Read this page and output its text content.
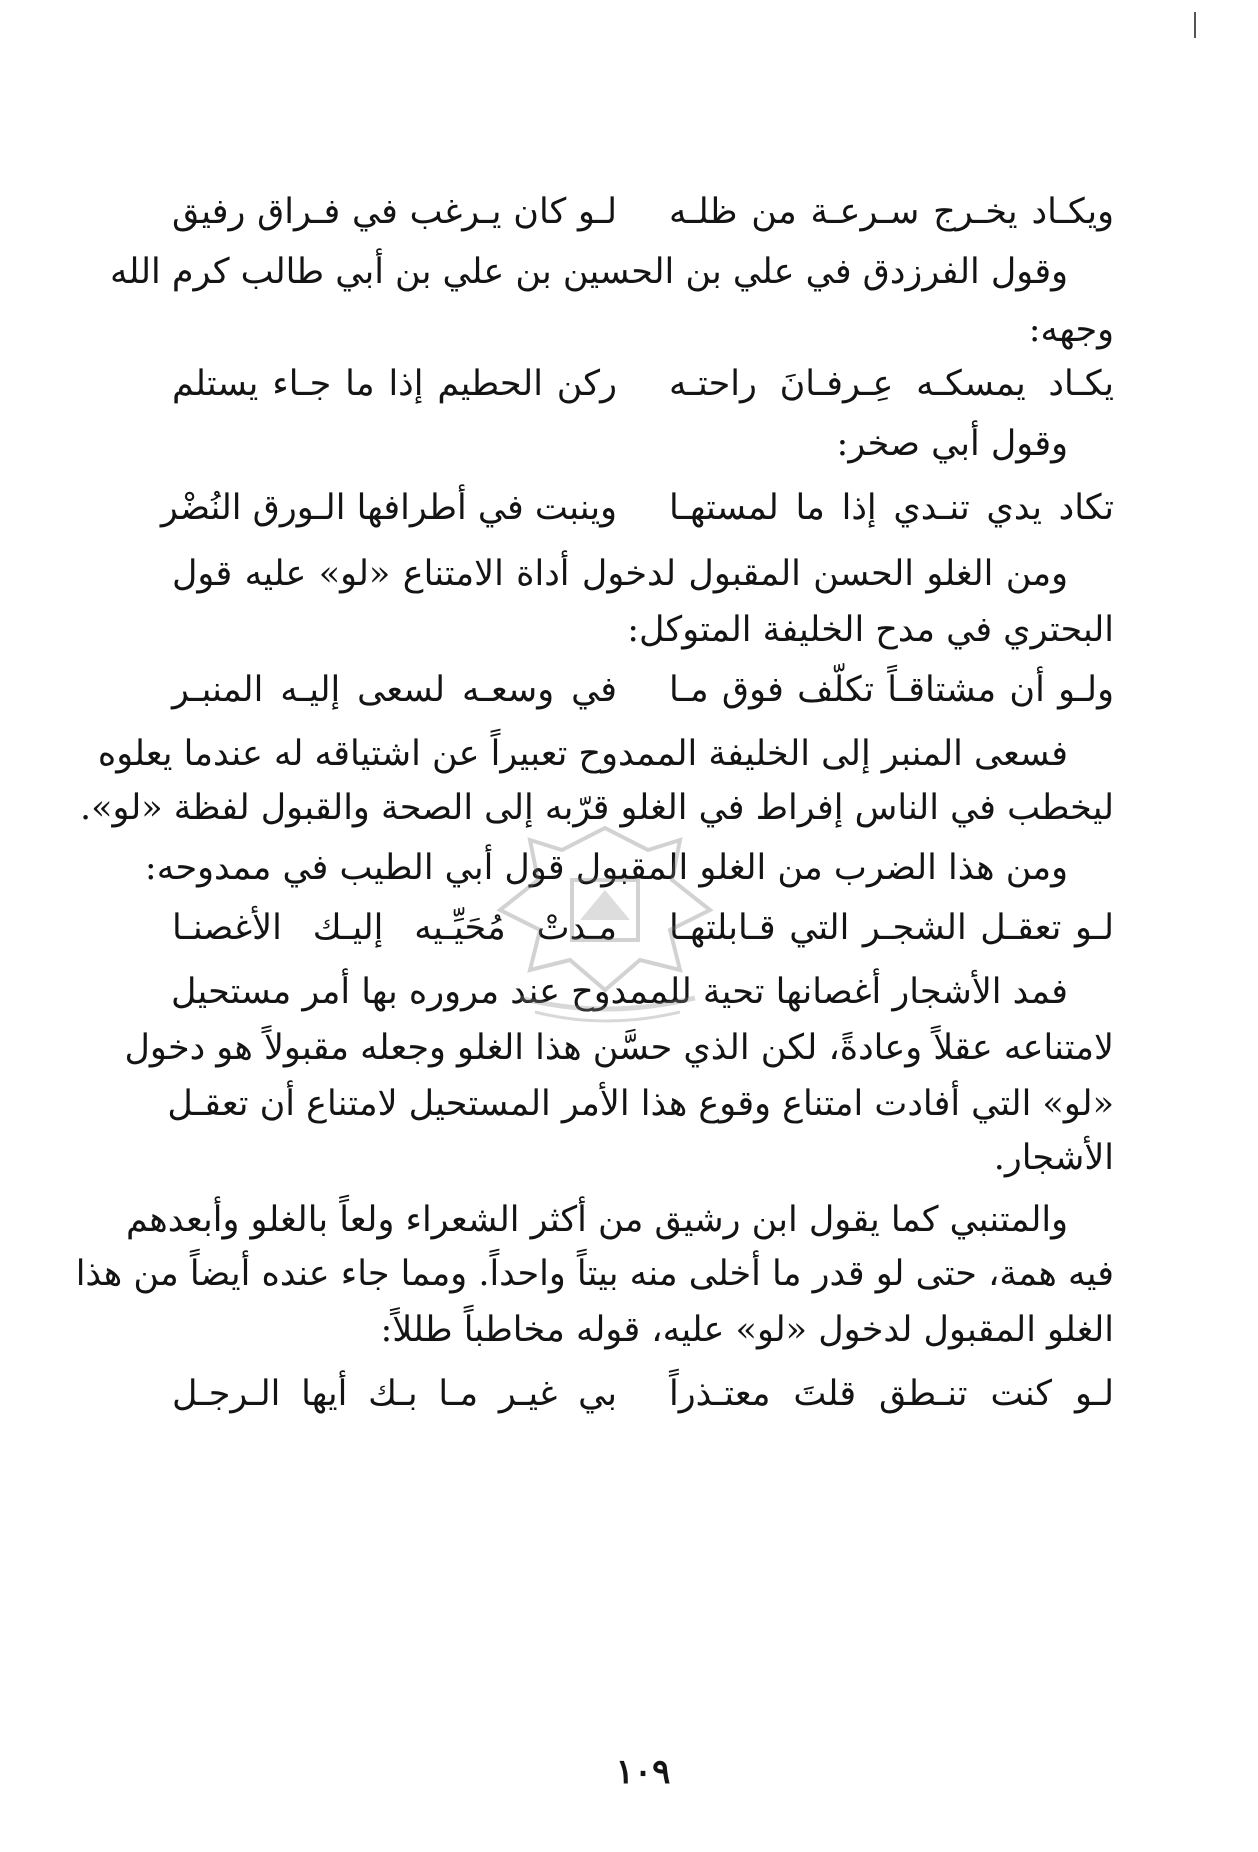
ويكـاد يخـرج سـرعـة من ظلـه
لـو كان يـرغب في فـراق رفيق
وقول الفرزدق في علي بن الحسين بن علي بن أبي طالب كرم الله
وجهه:
يكـاد يمسكـه عِـرفـانَ راحتـه
ركن الحطيم إذا ما جـاء يستلم
وقول أبي صخر:
تكاد يدي تنـدي إذا ما لمستهـا
وينبت في أطرافها الـورق النُضْر
ومن الغلو الحسن المقبول لدخول أداة الامتناع «لو» عليه قول
البحتري في مدح الخليفة المتوكل:
ولـو أن مشتاقـاً تكلّف فوق مـا
في وسعـه لسعى إليـه المنبـر
فسعى المنبر إلى الخليفة الممدوح تعبيراً عن اشتياقه له عندما يعلوه
ليخطب في الناس إفراط في الغلو قرّبه إلى الصحة والقبول لفظة «لو».
ومن هذا الضرب من الغلو المقبول قول أبي الطيب في ممدوحه:
لـو تعقـل الشجـر التي قـابلتهـا
مـدتْ مُحَيِّـيه إليـك الأغصنـا
فمد الأشجار أغصانها تحية للممدوح عند مروره بها أمر مستحيل
لامتناعه عقلاً وعادةً، لكن الذي حسَّن هذا الغلو وجعله مقبولاً هو دخول
«لو» التي أفادت امتناع وقوع هذا الأمر المستحيل لامتناع أن تعقـل
الأشجار.
والمتنبي كما يقول ابن رشيق من أكثر الشعراء ولعاً بالغلو وأبعدهم
فيه همة، حتى لو قدر ما أخلى منه بيتاً واحداً. ومما جاء عنده أيضاً من هذا
الغلو المقبول لدخول «لو» عليه، قوله مخاطباً طللاً:
لـو كنت تنـطق قلتَ معتـذراً
بي غيـر مـا بـك أيها الـرجـل
١٠٩
